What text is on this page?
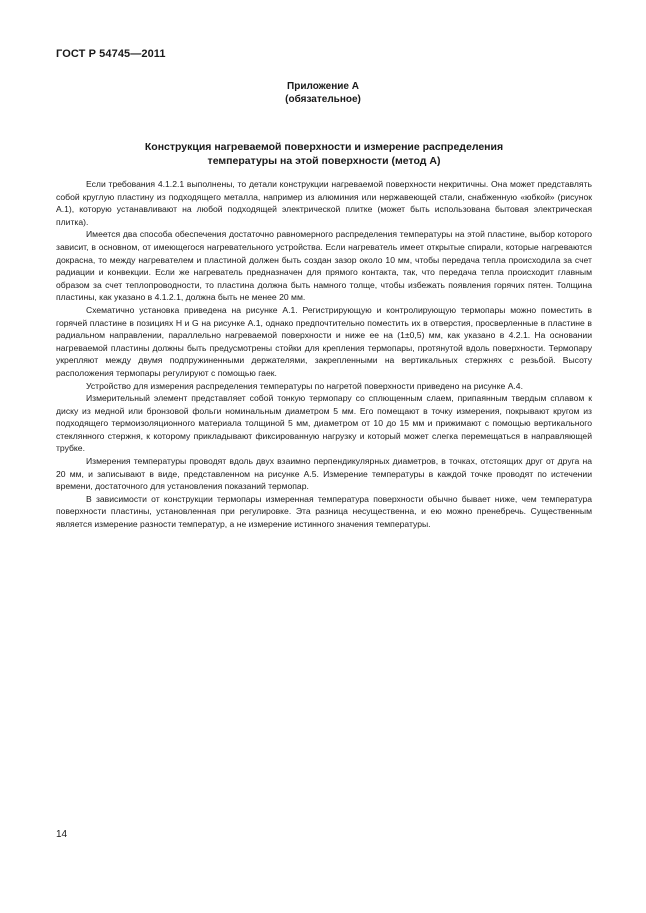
ГОСТ Р 54745—2011
Приложение А
(обязательное)
Конструкция нагреваемой поверхности и измерение распределения
температуры на этой поверхности (метод А)

Если требования 4.1.2.1 выполнены, то детали конструкции нагреваемой поверхности некритичны. Она может представлять собой круглую пластину из подходящего металла, например из алюминия или нержавеющей стали, снабженную «юбкой» (рисунок А.1), которую устанавливают на любой подходящей электрической плитке (может быть использована бытовая электрическая плитка).

Имеется два способа обеспечения достаточно равномерного распределения температуры на этой пластине, выбор которого зависит, в основном, от имеющегося нагревательного устройства. Если нагреватель имеет открытые спирали, которые нагреваются докрасна, то между нагревателем и пластиной должен быть создан зазор около 10 мм, чтобы передача тепла происходила за счет радиации и конвекции. Если же нагреватель предназначен для прямого контакта, так, что передача тепла происходит главным образом за счет теплопроводности, то пластина должна быть намного толще, чтобы избежать появления горячих пятен. Толщина пластины, как указано в 4.1.2.1, должна быть не менее 20 мм.

Схематично установка приведена на рисунке А.1. Регистрирующую и контролирующую термопары можно поместить в горячей пластине в позициях H и G на рисунке А.1, однако предпочтительно поместить их в отверстия, просверленные в пластине в радиальном направлении, параллельно нагреваемой поверхности и ниже ее на (1±0,5) мм, как указано в 4.2.1. На основании нагреваемой пластины должны быть предусмотрены стойки для крепления термопары, протянутой вдоль поверхности. Термопару укрепляют между двумя подпружиненными держателями, закрепленными на вертикальных стержнях с резьбой. Высоту расположения термопары регулируют с помощью гаек.

Устройство для измерения распределения температуры по нагретой поверхности приведено на рисунке А.4.

Измерительный элемент представляет собой тонкую термопару со сплющенным слаем, припаянным твердым сплавом к диску из медной или бронзовой фольги номинальным диаметром 5 мм. Его помещают в точку измерения, покрывают кругом из подходящего термоизоляционного материала толщиной 5 мм, диаметром от 10 до 15 мм и прижимают с помощью вертикального стеклянного стержня, к которому прикладывают фиксированную нагрузку и который может слегка перемещаться в направляющей трубке.

Измерения температуры проводят вдоль двух взаимно перпендикулярных диаметров, в точках, отстоящих друг от друга на 20 мм, и записывают в виде, представленном на рисунке А.5. Измерение температуры в каждой точке проводят по истечении времени, достаточного для установления показаний термопар.

В зависимости от конструкции термопары измеренная температура поверхности обычно бывает ниже, чем температура поверхности пластины, установленная при регулировке. Эта разница несущественна, и ею можно пренебречь. Существенным является измерение разности температур, а не измерение истинного значения температуры.

14
